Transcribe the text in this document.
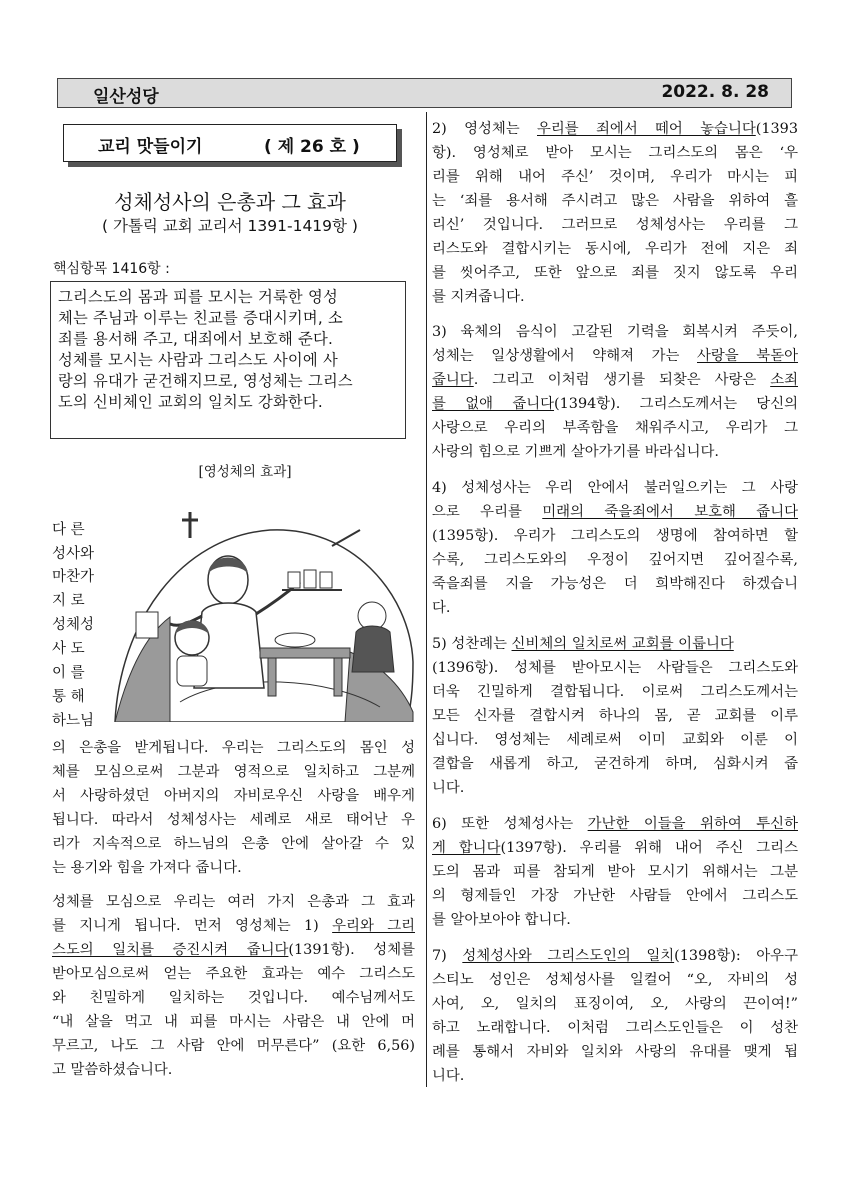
일산성당	2022. 8. 28
교리 맛들이기	( 제 26 호 )
성체성사의 은총과 그 효과
( 가톨릭 교회 교리서 1391-1419항 )
핵심항목 1416항 :
그리스도의 몸과 피를 모시는 거룩한 영성
체는 주님과 이루는 친교를 증대시키며, 소
죄를 용서해 주고, 대죄에서 보호해 준다.
성체를 모시는 사람과 그리스도 사이에 사
랑의 유대가 굳건해지므로, 영성체는 그리스
도의 신비체인 교회의 일치도 강화한다.
[영성체의 효과]
다 른
성사와
마찬가
지 로
성체성
사 도
이 를
통 해
하느님
의 은총을 받게됩니다. 우리는 그리스도의 몸인 성
체를 모심으로써 그분과 영적으로 일치하고 그분께
서 사랑하셨던 아버지의 자비로우신 사랑을 배우게
됩니다. 따라서 성체성사는 세례로 새로 태어난 우
리가 지속적으로 하느님의 은총 안에 살아갈 수 있
는 용기와 힘을 가져다 줍니다.
성체를 모심으로 우리는 여러 가지 은총과 그 효과
를 지니게 됩니다. 먼저 영성체는 1) 우리와 그리
스도의 일치를 증진시켜 줍니다(1391항). 성체를
받아모심으로써 얻는 주요한 효과는 예수 그리스도
와 친밀하게 일치하는 것입니다. 예수님께서도
“내 살을 먹고 내 피를 마시는 사람은 내 안에 머
무르고, 나도 그 사람 안에 머무른다” (요한 6,56)
고 말씀하셨습니다.
2) 영성체는 우리를 죄에서 떼어 놓습니다(1393
항). 영성체로 받아 모시는 그리스도의 몸은 ‘우
리를 위해 내어 주신’ 것이며, 우리가 마시는 피
는 ‘죄를 용서해 주시려고 많은 사람을 위하여 흘
리신’ 것입니다. 그러므로 성체성사는 우리를 그
리스도와 결합시키는 동시에, 우리가 전에 지은 죄
를 씻어주고, 또한 앞으로 죄를 짓지 않도록 우리
를 지켜줍니다.
3) 육체의 음식이 고갈된 기력을 회복시켜 주듯이,
성체는 일상생활에서 약해져 가는 사랑을 북돋아
줍니다. 그리고 이처럼 생기를 되찾은 사랑은 소죄
를 없애 줍니다(1394항). 그리스도께서는 당신의
사랑으로 우리의 부족함을 채워주시고, 우리가 그
사랑의 힘으로 기쁘게 살아가기를 바라십니다.
4) 성체성사는 우리 안에서 불러일으키는 그 사랑
으로 우리를 미래의 죽을죄에서 보호해 줍니다
(1395항). 우리가 그리스도의 생명에 참여하면 할
수록, 그리스도와의 우정이 깊어지면 깊어질수록,
죽을죄를 지을 가능성은 더 희박해진다 하겠습니
다.
5) 성찬례는 신비체의 일치로써 교회를 이룹니다
(1396항). 성체를 받아모시는 사람들은 그리스도와
더욱 긴밀하게 결합됩니다. 이로써 그리스도께서는
모든 신자를 결합시켜 하나의 몸, 곧 교회를 이루
십니다. 영성체는 세례로써 이미 교회와 이룬 이
결합을 새롭게 하고, 굳건하게 하며, 심화시켜 줍
니다.
6) 또한 성체성사는 가난한 이들을 위하여 투신하
게 합니다(1397항). 우리를 위해 내어 주신 그리스
도의 몸과 피를 참되게 받아 모시기 위해서는 그분
의 형제들인 가장 가난한 사람들 안에서 그리스도
를 알아보아야 합니다.
7) 성체성사와 그리스도인의 일치(1398항): 아우구
스티노 성인은 성체성사를 일컬어 “오, 자비의 성
사여, 오, 일치의 표징이여, 오, 사랑의 끈이여!”
하고 노래합니다. 이처럼 그리스도인들은 이 성찬
례를 통해서 자비와 일치와 사랑의 유대를 맺게 됩
니다.
